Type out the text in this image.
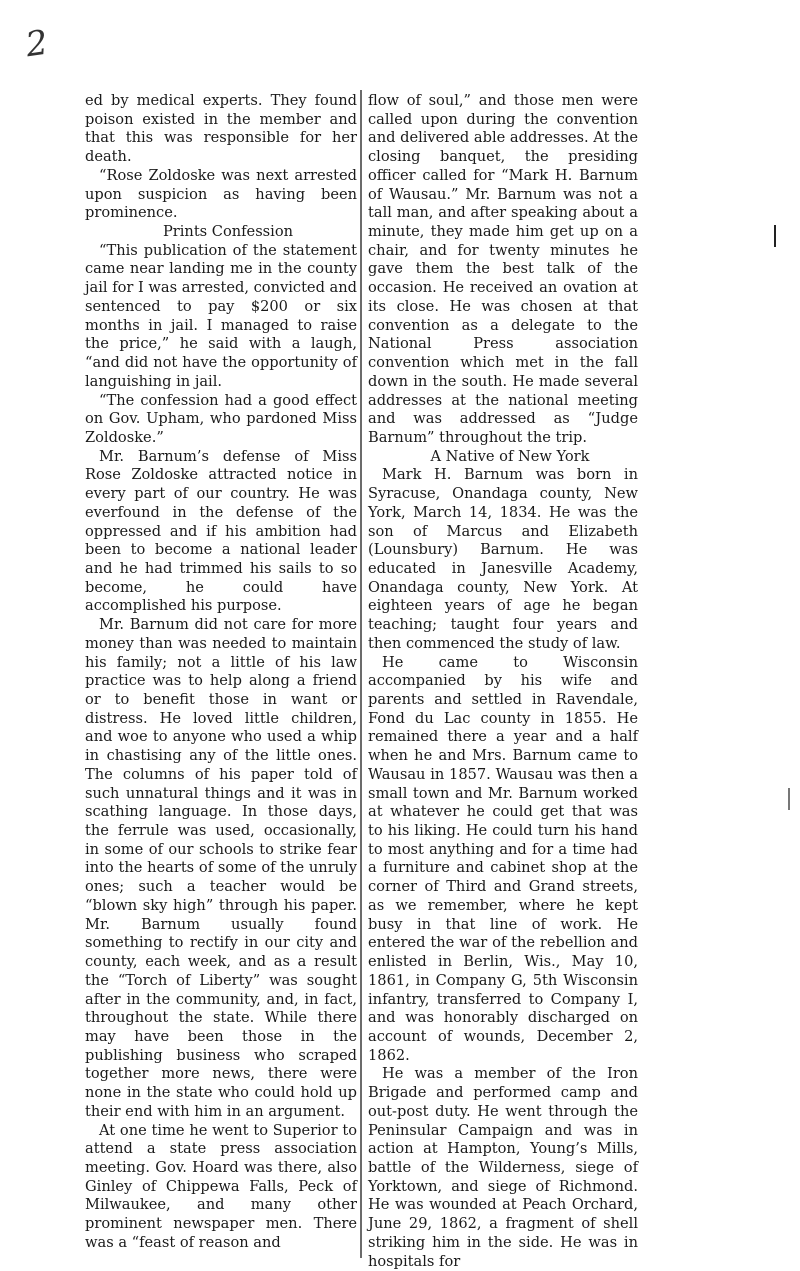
2

ed by medical experts. They found poison existed in the member and that this was responsible for her death.

“Rose Zoldoske was next arrested upon suspicion as having been prominence.

Prints Confession

“This publication of the statement came near landing me in the county jail for I was arrested, convicted and sentenced to pay $200 or six months in jail. I managed to raise the price,” he said with a laugh, “and did not have the opportunity of languishing in jail.

“The confession had a good effect on Gov. Upham, who pardoned Miss Zoldoske.”

Mr. Barnum’s defense of Miss Rose Zoldoske attracted notice in every part of our country. He was everfound in the defense of the oppressed and if his ambition had been to become a national leader and he had trimmed his sails to so become, he could have accomplished his purpose.

Mr. Barnum did not care for more money than was needed to maintain his family; not a little of his law practice was to help along a friend or to benefit those in want or distress. He loved little children, and woe to anyone who used a whip in chastising any of the little ones. The columns of his paper told of such unnatural things and it was in scathing language. In those days, the ferrule was used, occasionally, in some of our schools to strike fear into the hearts of some of the unruly ones; such a teacher would be “blown sky high” through his paper. Mr. Barnum usually found something to rectify in our city and county, each week, and as a result the “Torch of Liberty” was sought after in the community, and, in fact, throughout the state. While there may have been those in the publishing business who scraped together more news, there were none in the state who could hold up their end with him in an argument.

At one time he went to Superior to attend a state press association meeting. Gov. Hoard was there, also Ginley of Chippewa Falls, Peck of Milwaukee, and many other prominent newspaper men. There was a “feast of reason and

flow of soul,” and those men were called upon during the convention and delivered able addresses. At the closing banquet, the presiding officer called for “Mark H. Barnum of Wausau.” Mr. Barnum was not a tall man, and after speaking about a minute, they made him get up on a chair, and for twenty minutes he gave them the best talk of the occasion. He received an ovation at its close. He was chosen at that convention as a delegate to the National Press association convention which met in the fall down in the south. He made several addresses at the national meeting and was addressed as “Judge Barnum” throughout the trip.

A Native of New York

Mark H. Barnum was born in Syracuse, Onandaga county, New York, March 14, 1834. He was the son of Marcus and Elizabeth (Lounsbury) Barnum. He was educated in Janesville Academy, Onandaga county, New York. At eighteen years of age he began teaching; taught four years and then commenced the study of law.

He came to Wisconsin accompanied by his wife and parents and settled in Ravendale, Fond du Lac county in 1855. He remained there a year and a half when he and Mrs. Barnum came to Wausau in 1857. Wausau was then a small town and Mr. Barnum worked at whatever he could get that was to his liking. He could turn his hand to most anything and for a time had a furniture and cabinet shop at the corner of Third and Grand streets, as we remember, where he kept busy in that line of work. He entered the war of the rebellion and enlisted in Berlin, Wis., May 10, 1861, in Company G, 5th Wisconsin infantry, transferred to Company I, and was honorably discharged on account of wounds, December 2, 1862.

He was a member of the Iron Brigade and performed camp and out-post duty. He went through the Peninsular Campaign and was in action at Hampton, Young’s Mills, battle of the Wilderness, siege of Yorktown, and siege of Richmond. He was wounded at Peach Orchard, June 29, 1862, a fragment of shell striking him in the side. He was in hospitals for
